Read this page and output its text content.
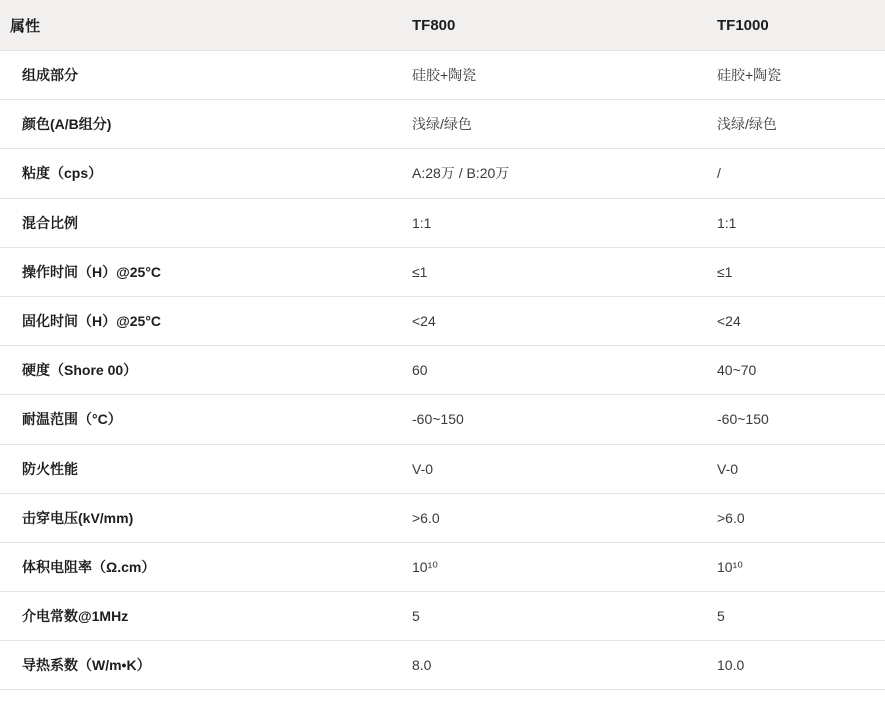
属性	TF800	TF1000
组成部分	硅胶+陶瓷	硅胶+陶瓷
颜色(A/B组分)	浅绿/绿色	浅绿/绿色
粘度（cps）	A:28万 / B:20万	/
混合比例	1:1	1:1
操作时间（H）@25°C	≤1	≤1
固化时间（H）@25°C	<24	<24
硬度（Shore 00）	60	40~70
耐温范围（°C）	-60~150	-60~150
防火性能	V-0	V-0
击穿电压(kV/mm)	>6.0	>6.0
体积电阻率（Ω.cm）	10¹⁰	10¹⁰
介电常数@1MHz	5	5
导热系数（W/m•K）	8.0	10.0
